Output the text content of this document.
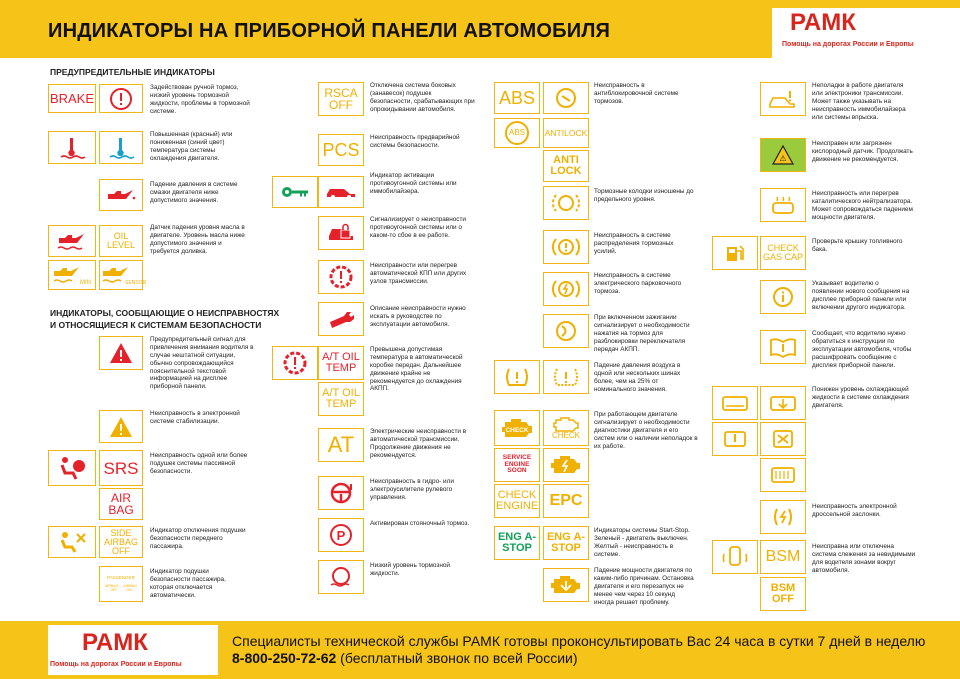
ИНДИКАТОРЫ НА ПРИБОРНОЙ ПАНЕЛИ АВТОМОБИЛЯ	РАМК
Помощь на дорогах России и Европы
ПРЕДУПРЕДИТЕЛЬНЫЕ ИНДИКАТОРЫ
ИНДИКАТОРЫ, СООБЩАЮЩИЕ О НЕИСПРАВНОСТЯХ И ОТНОСЯЩИЕСЯ К СИСТЕМАМ БЕЗОПАСНОСТИ
BRAKE
Задействован ручной тормоз, низкий уровень тормозной жидкости, проблемы в тормозной системе.
Повышенная (красный) или пониженная (синий цвет) температура системы охлаждения двигателя.
Падение давления в системе смазки двигателя ниже допустимого значения.
OIL LEVEL
Датчик падения уровня масла в двигателе. Уровень масла ниже допустимого значения и требуется доливка.
MIN	SENSOR
Предупредительный сигнал для привлечения внимания водителя в случае нештатной ситуации, обычно сопровождающийся пояснительной текстовой информацией на дисплее приборной панели.
Неисправность в электронной системе стабилизации.
SRS
Неисправность одной или более подушек системы пассивной безопасности.
AIR BAG
SIDE AIRBAG OFF
Индикатор отключения подушки безопасности переднего пассажира.
PASSENGER
AIRBAG AIRBAG
OFF	ON
Индикатор подушки безопасности пассажира, которая отключается автоматически.
RSCA OFF
Отключена система боковых (занавесок) подушек безопасности, срабатывающих при опрокидывании автомобиля.
PCS
Неисправность предварийной системы безопасности.
Индикатор активации противоугонной системы или иммобилайзера.
Сигнализирует о неисправности противоугонной системы или о каком-то сбое в ее работе.
Неисправности или перегрев автоматической КПП или других узлов трансмиссии.
Описание неисправности нужно искать в руководстве по эксплуатации автомобиля.
A/T OIL TEMP
Превышена допустимая температура в автоматической коробке передач. Дальнейшее движение крайне не рекомендуется до охлаждения АКПП.
A/T OIL TEMP
AT
Электрические неисправности в автоматической трансмиссии. Продолжение движения не рекомендуется.
Неисправность в гидро- или электроусилителе рулевого управления.
P
Активирован стояночный тормоз.
Низкий уровень тормозной жидкости.
ABS
Неисправность в антиблокировочной системе тормозов.
ABS	ANTILOCK
ANTI LOCK
Тормозные колодки изношены до предельного уровня.
Неисправность в системе распределения тормозных усилий.
Неисправность в системе электрического парковочного тормоза.
При включенном зажигании сигнализирует о необходимости нажатия на тормоз для разблокировки переключателя передач АКПП.
Падение давления воздуха в одной или нескольких шинах более, чем на 25% от номинального значения.
CHECK
CHECK
При работающем двигателе сигнализирует о необходимости диагностики двигателя и его систем или о наличии неполадок в их работе.
SERVICE ENGINE SOON
CHECK ENGINE EPC
ENG A-STOP
ENG A-STOP
Индикаторы системы Start-Stop. Зеленый - двигатель выключен. Желтый - неисправность в системе.
Падение мощности двигателя по каким-либо причинам. Остановка двигателя и его перезапуск не менее чем через 10 секунд иногда решает проблему.
Неполадки в работе двигателя или электроники трансмиссии. Может также указывать на неисправность иммобилайзера или системы впрыска.
⚠
Неисправен или загрязнен кислородный датчик. Продолжать движение не рекомендуется.
Неисправность или перегрев каталитического нейтрализатора. Может сопровождаться падением мощности двигателя.
CHECK GAS CAP
Проверьте крышку топливного бака.
Указывает водителю о появлении нового сообщения на дисплее приборной панели или включении другого индикатора.
Сообщает, что водителю нужно обратиться к инструкции по эксплуатации автомобиля, чтобы расшифровать сообщение с дисплея приборной панели.
Понижен уровень охлаждающей жидкости в системе охлаждения двигателя.
Неисправность электронной дроссельной заслонки.
BSM
Неисправна или отключена система слежения за невидимыми для водителя зонами вокруг автомобиля.
BSM OFF
РАМК
Помощь на дорогах России и Европы
Специалисты технической службы РАМК готовы проконсультировать Вас 24 часа в сутки 7 дней в неделю
8-800-250-72-62 (бесплатный звонок по всей России)
